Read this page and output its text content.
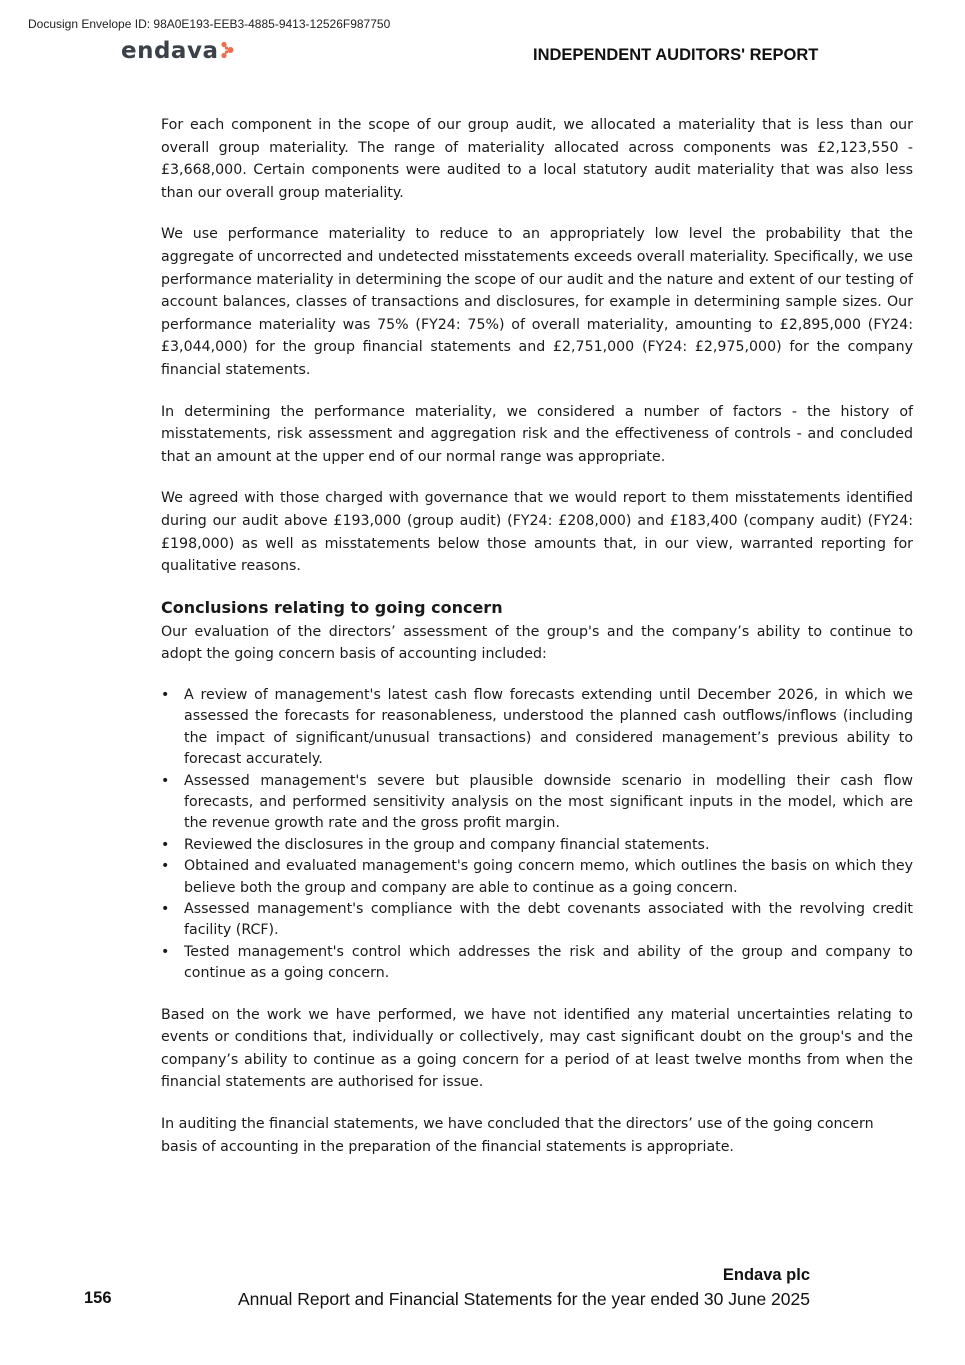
Docusign Envelope ID: 98A0E193-EEB3-4885-9413-12526F987750
endava	INDEPENDENT AUDITORS' REPORT

For each component in the scope of our group audit, we allocated a materiality that is less than our overall group materiality. The range of materiality allocated across components was £2,123,550 - £3,668,000. Certain components were audited to a local statutory audit materiality that was also less than our overall group materiality.

We use performance materiality to reduce to an appropriately low level the probability that the aggregate of uncorrected and undetected misstatements exceeds overall materiality. Specifically, we use performance materiality in determining the scope of our audit and the nature and extent of our testing of account balances, classes of transactions and disclosures, for example in determining sample sizes. Our performance materiality was 75% (FY24: 75%) of overall materiality, amounting to £2,895,000 (FY24: £3,044,000) for the group financial statements and £2,751,000 (FY24: £2,975,000) for the company financial statements.

In determining the performance materiality, we considered a number of factors - the history of misstatements, risk assessment and aggregation risk and the effectiveness of controls - and concluded that an amount at the upper end of our normal range was appropriate.

We agreed with those charged with governance that we would report to them misstatements identified during our audit above £193,000 (group audit) (FY24: £208,000) and £183,400 (company audit) (FY24: £198,000) as well as misstatements below those amounts that, in our view, warranted reporting for qualitative reasons.

Conclusions relating to going concern

Our evaluation of the directors’ assessment of the group's and the company’s ability to continue to adopt the going concern basis of accounting included:

• A review of management's latest cash flow forecasts extending until December 2026, in which we assessed the forecasts for reasonableness, understood the planned cash outflows/inflows (including the impact of significant/unusual transactions) and considered management’s previous ability to forecast accurately.
• Assessed management's severe but plausible downside scenario in modelling their cash flow forecasts, and performed sensitivity analysis on the most significant inputs in the model, which are the revenue growth rate and the gross profit margin.
• Reviewed the disclosures in the group and company financial statements.
• Obtained and evaluated management's going concern memo, which outlines the basis on which they believe both the group and company are able to continue as a going concern.
• Assessed management's compliance with the debt covenants associated with the revolving credit facility (RCF).
• Tested management's control which addresses the risk and ability of the group and company to continue as a going concern.

Based on the work we have performed, we have not identified any material uncertainties relating to events or conditions that, individually or collectively, may cast significant doubt on the group's and the company’s ability to continue as a going concern for a period of at least twelve months from when the financial statements are authorised for issue.

In auditing the financial statements, we have concluded that the directors’ use of the going concern basis of accounting in the preparation of the financial statements is appropriate.

Endava plc
156	Annual Report and Financial Statements for the year ended 30 June 2025
